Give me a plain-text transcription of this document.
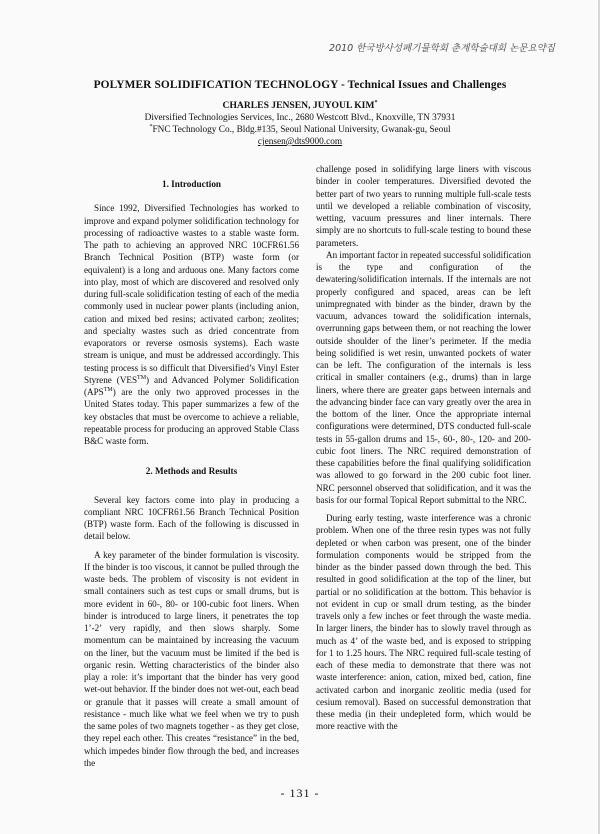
2010 한국방사성폐기물학회 춘계학술대회 논문요약집
POLYMER SOLIDIFICATION TECHNOLOGY - Technical Issues and Challenges
CHARLES JENSEN, JUYOUL KIM*
Diversified Technologies Services, Inc., 2680 Westcott Blvd., Knoxville, TN 37931
*FNC Technology Co., Bldg.#135, Seoul National University, Gwanak-gu, Seoul
cjensen@dts9000.com
1. Introduction

Since 1992, Diversified Technologies has worked to improve and expand polymer solidification technology for processing of radioactive wastes to a stable waste form. The path to achieving an approved NRC 10CFR61.56 Branch Technical Position (BTP) waste form (or equivalent) is a long and arduous one. Many factors come into play, most of which are discovered and resolved only during full-scale solidification testing of each of the media commonly used in nuclear power plants (including anion, cation and mixed bed resins; activated carbon; zeolites; and specialty wastes such as dried concentrate from evaporators or reverse osmosis systems). Each waste stream is unique, and must be addressed accordingly. This testing process is so difficult that Diversified’s Vinyl Ester Styrene (VES™) and Advanced Polymer Solidification (APS™) are the only two approved processes in the United States today. This paper summarizes a few of the key obstacles that must be overcome to achieve a reliable, repeatable process for producing an approved Stable Class B&C waste form.

2. Methods and Results

Several key factors come into play in producing a compliant NRC 10CFR61.56 Branch Technical Position (BTP) waste form. Each of the following is discussed in detail below.

A key parameter of the binder formulation is viscosity. If the binder is too viscous, it cannot be pulled through the waste beds. The problem of viscosity is not evident in small containers such as test cups or small drums, but is more evident in 60-, 80- or 100-cubic foot liners. When binder is introduced to large liners, it penetrates the top 1’-2’ very rapidly, and then slows sharply. Some momentum can be maintained by increasing the vacuum on the liner, but the vacuum must be limited if the bed is organic resin. Wetting characteristics of the binder also play a role: it’s important that the binder has very good wet-out behavior. If the binder does not wet-out, each bead or granule that it passes will create a small amount of resistance - much like what we feel when we try to push the same poles of two magnets together - as they get close, they repel each other. This creates “resistance” in the bed, which impedes binder flow through the bed, and increases the

challenge posed in solidifying large liners with viscous binder in cooler temperatures. Diversified devoted the better part of two years to running multiple full-scale tests until we developed a reliable combination of viscosity, wetting, vacuum pressures and liner internals. There simply are no shortcuts to full-scale testing to bound these parameters.

An important factor in repeated successful solidification is the type and configuration of the dewatering/solidification internals. If the internals are not properly configured and spaced, areas can be left unimpregnated with binder as the binder, drawn by the vacuum, advances toward the solidification internals, overrunning gaps between them, or not reaching the lower outside shoulder of the liner’s perimeter. If the media being solidified is wet resin, unwanted pockets of water can be left. The configuration of the internals is less critical in smaller containers (e.g., drums) than in large liners, where there are greater gaps between internals and the advancing binder face can vary greatly over the area in the bottom of the liner. Once the appropriate internal configurations were determined, DTS conducted full-scale tests in 55-gallon drums and 15-, 60-, 80-, 120- and 200-cubic foot liners. The NRC required demonstration of these capabilities before the final qualifying solidification was allowed to go forward in the 200 cubic foot liner. NRC personnel observed that solidification, and it was the basis for our formal Topical Report submittal to the NRC.

During early testing, waste interference was a chronic problem. When one of the three resin types was not fully depleted or when carbon was present, one of the binder formulation components would be stripped from the binder as the binder passed down through the bed. This resulted in good solidification at the top of the liner, but partial or no solidification at the bottom. This behavior is not evident in cup or small drum testing, as the binder travels only a few inches or feet through the waste media. In larger liners, the binder has to slowly travel through as much as 4’ of the waste bed, and is exposed to stripping for 1 to 1.25 hours. The NRC required full-scale testing of each of these media to demonstrate that there was not waste interference: anion, cation, mixed bed, cation, fine activated carbon and inorganic zeolitic media (used for cesium removal). Based on successful demonstration that these media (in their undepleted form, which would be more reactive with the

- 131 -
